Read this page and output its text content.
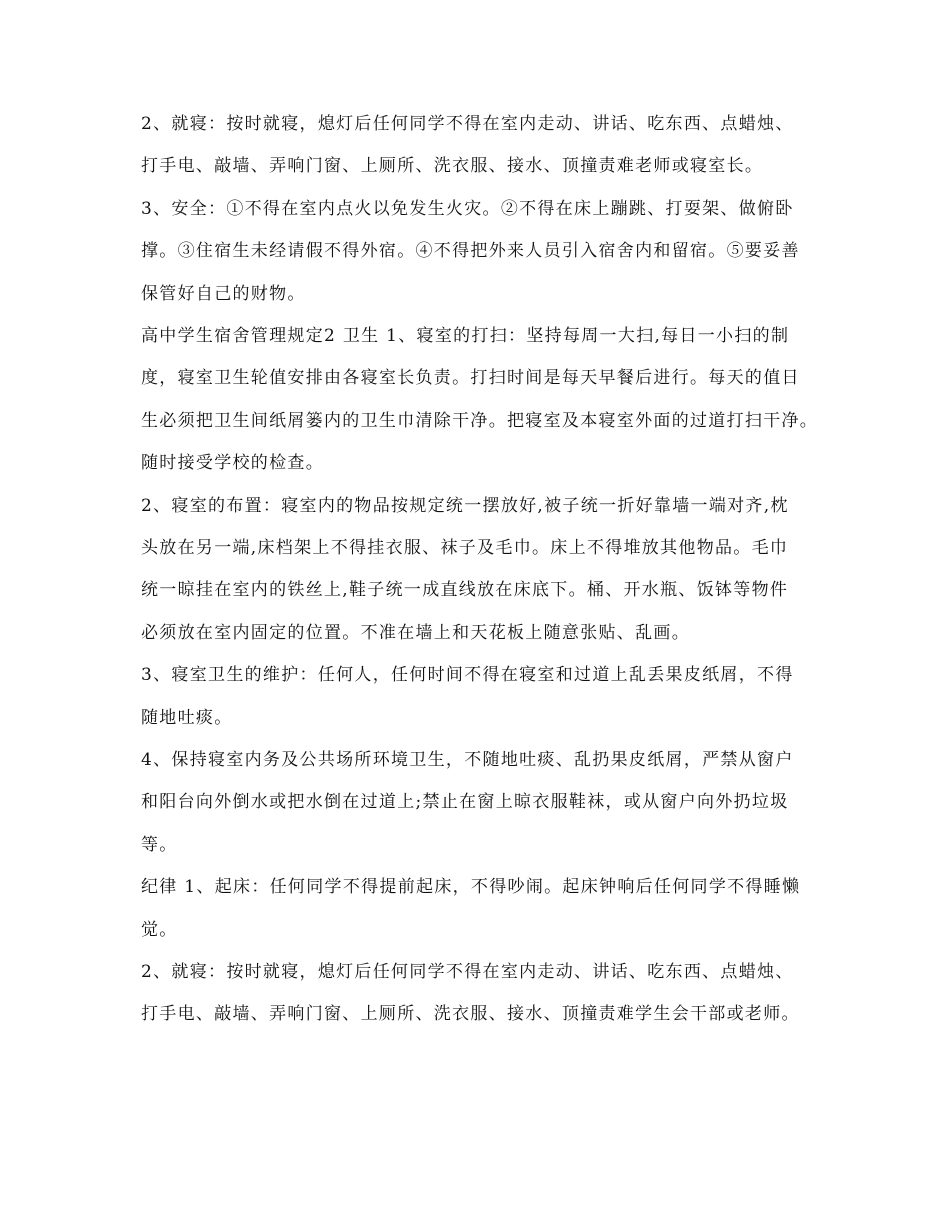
2、就寝：按时就寝，熄灯后任何同学不得在室内走动、讲话、吃东西、点蜡烛、

打手电、敲墙、弄响门窗、上厕所、洗衣服、接水、顶撞责难老师或寝室长。

3、安全：①不得在室内点火以免发生火灾。②不得在床上蹦跳、打耍架、做俯卧

撑。③住宿生未经请假不得外宿。④不得把外来人员引入宿舍内和留宿。⑤要妥善

保管好自己的财物。

高中学生宿舍管理规定2 卫生 1、寝室的打扫：坚持每周一大扫,每日一小扫的制

度，寝室卫生轮值安排由各寝室长负责。打扫时间是每天早餐后进行。每天的值日

生必须把卫生间纸屑篓内的卫生巾清除干净。把寝室及本寝室外面的过道打扫干净。

随时接受学校的检查。

2、寝室的布置：寝室内的物品按规定统一摆放好,被子统一折好靠墙一端对齐,枕

头放在另一端,床档架上不得挂衣服、袜子及毛巾。床上不得堆放其他物品。毛巾

统一晾挂在室内的铁丝上,鞋子统一成直线放在床底下。桶、开水瓶、饭钵等物件

必须放在室内固定的位置。不准在墙上和天花板上随意张贴、乱画。

3、寝室卫生的维护：任何人，任何时间不得在寝室和过道上乱丢果皮纸屑，不得

随地吐痰。

4、保持寝室内务及公共场所环境卫生，不随地吐痰、乱扔果皮纸屑，严禁从窗户

和阳台向外倒水或把水倒在过道上;禁止在窗上晾衣服鞋袜，或从窗户向外扔垃圾

等。

纪律 1、起床：任何同学不得提前起床，不得吵闹。起床钟响后任何同学不得睡懒

觉。

2、就寝：按时就寝，熄灯后任何同学不得在室内走动、讲话、吃东西、点蜡烛、

打手电、敲墙、弄响门窗、上厕所、洗衣服、接水、顶撞责难学生会干部或老师。
